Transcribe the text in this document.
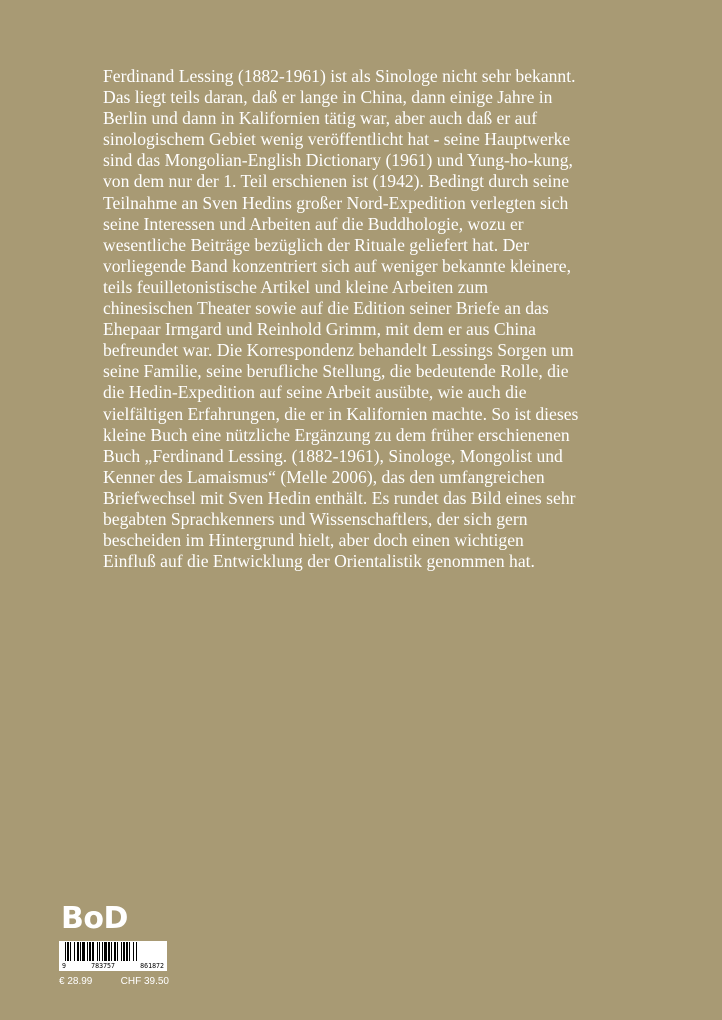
Ferdinand Lessing (1882-1961) ist als Sinologe nicht sehr bekannt.
Das liegt teils daran, daß er lange in China, dann einige Jahre in
Berlin und dann in Kalifornien tätig war, aber auch daß er auf
sinologischem Gebiet wenig veröffentlicht hat - seine Hauptwerke
sind das Mongolian-English Dictionary (1961) und Yung-ho-kung,
von dem nur der 1. Teil erschienen ist (1942). Bedingt durch seine
Teilnahme an Sven Hedins großer Nord-Expedition verlegten sich
seine Interessen und Arbeiten auf die Buddhologie, wozu er
wesentliche Beiträge bezüglich der Rituale geliefert hat. Der
vorliegende Band konzentriert sich auf weniger bekannte kleinere,
teils feuilletonistische Artikel und kleine Arbeiten zum
chinesischen Theater sowie auf die Edition seiner Briefe an das
Ehepaar Irmgard und Reinhold Grimm, mit dem er aus China
befreundet war. Die Korrespondenz behandelt Lessings Sorgen um
seine Familie, seine berufliche Stellung, die bedeutende Rolle, die
die Hedin-Expedition auf seine Arbeit ausübte, wie auch die
vielfältigen Erfahrungen, die er in Kalifornien machte. So ist dieses
kleine Buch eine nützliche Ergänzung zu dem früher erschienenen
Buch „Ferdinand Lessing. (1882-1961), Sinologe, Mongolist und
Kenner des Lamaismus“ (Melle 2006), das den umfangreichen
Briefwechsel mit Sven Hedin enthält. Es rundet das Bild eines sehr
begabten Sprachkenners und Wissenschaftlers, der sich gern
bescheiden im Hintergrund hielt, aber doch einen wichtigen
Einfluß auf die Entwicklung der Orientalistik genommen hat.
BoD
9	783757	861872
€ 28.99	CHF 39.50
